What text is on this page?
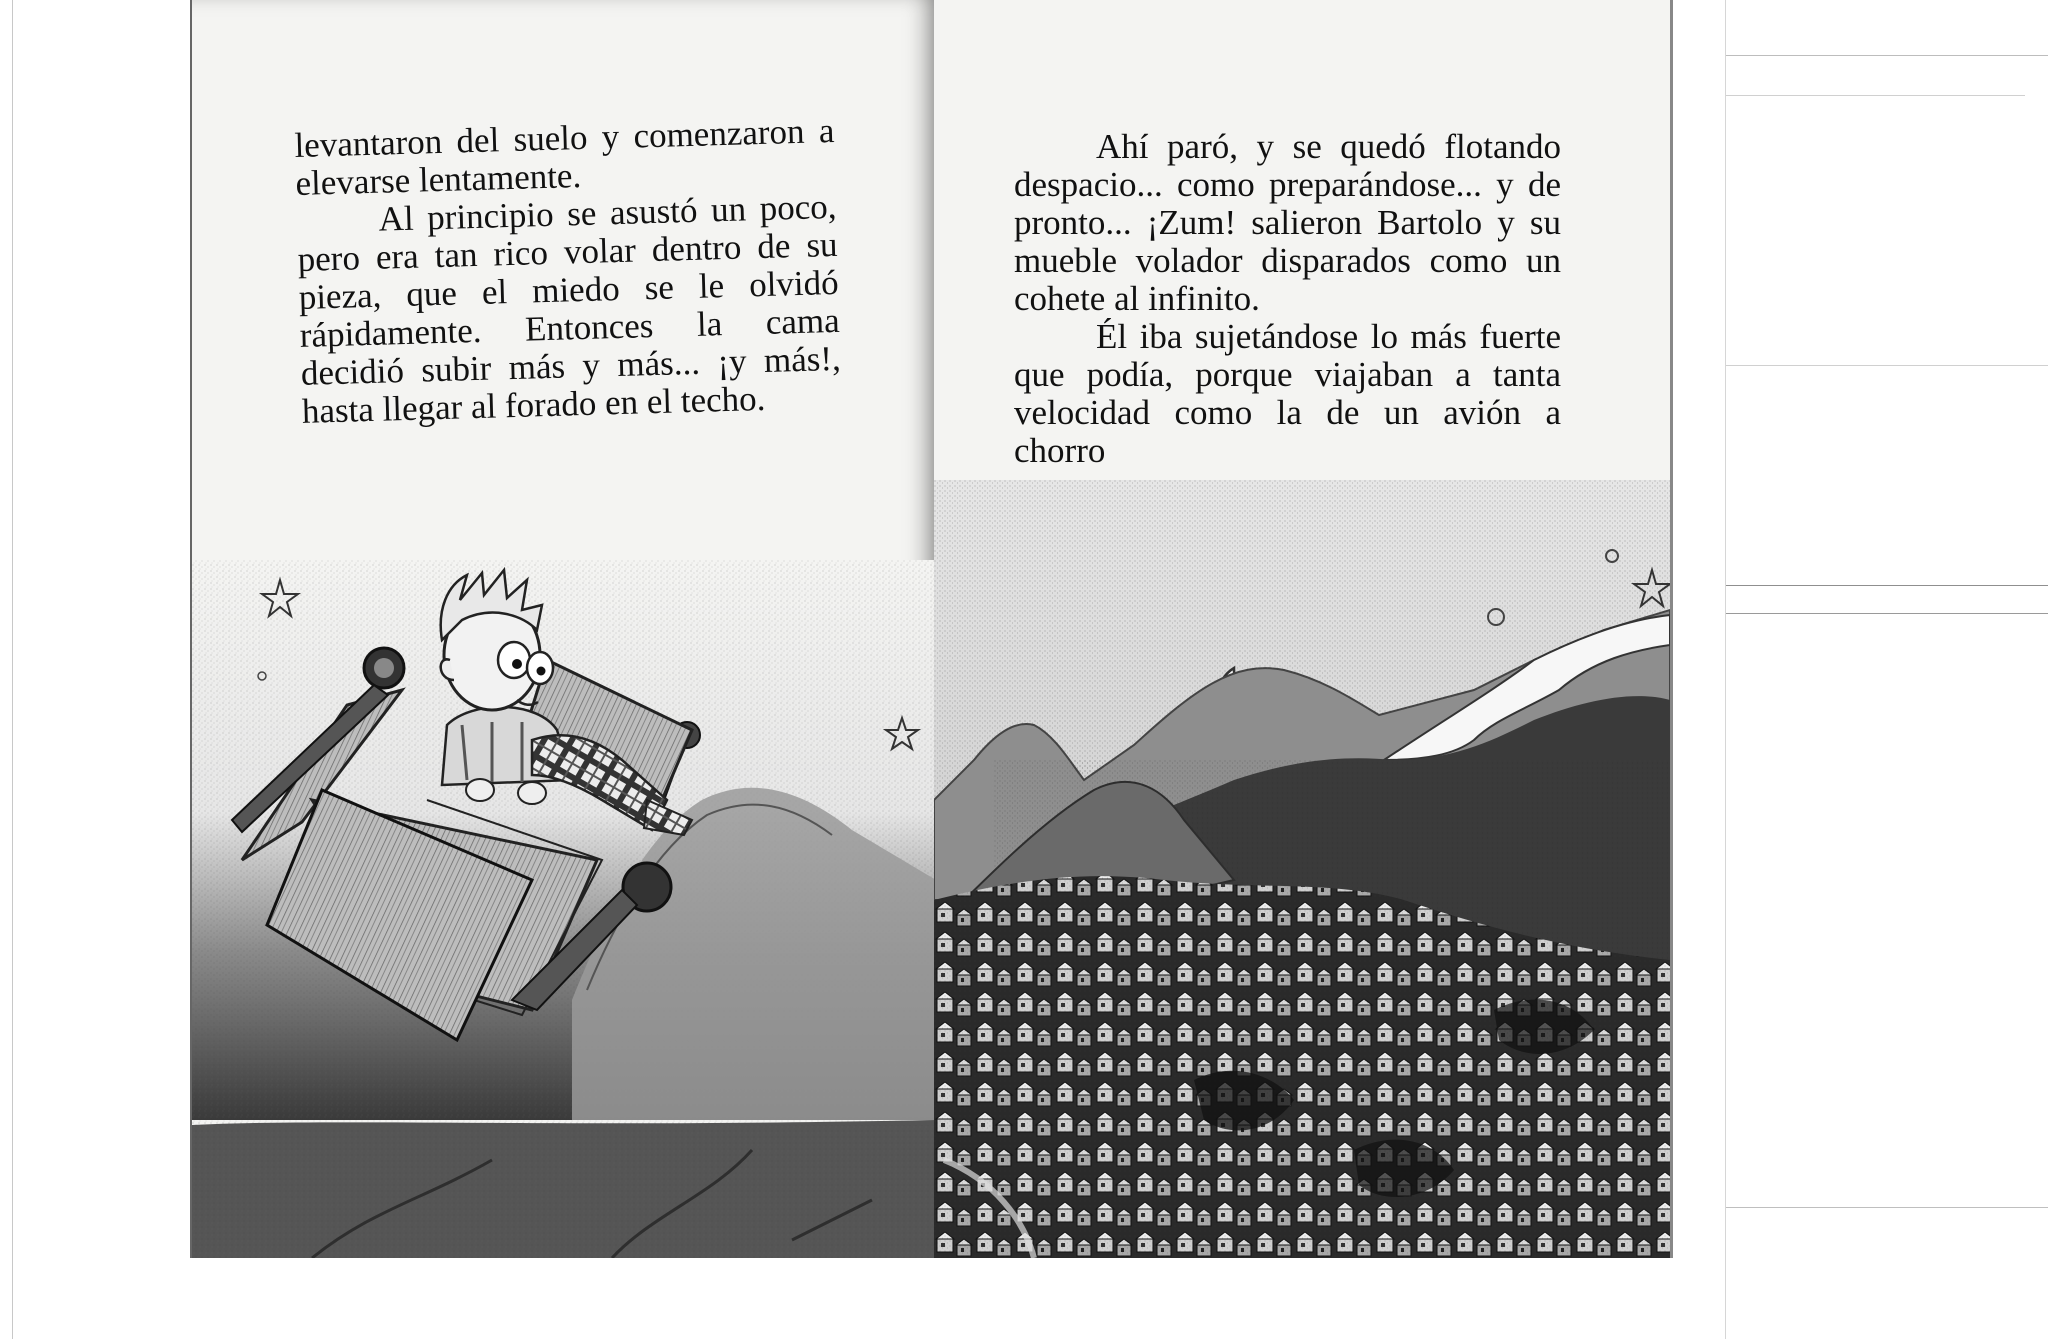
levantaron del suelo y comenzaron a elevarse lentamente.

Al principio se asustó un poco, pero era tan rico volar dentro de su pieza, que el miedo se le olvidó rápidamente. Entonces la cama decidió subir más y más... ¡y más!, hasta llegar al forado en el techo.

Ahí paró, y se quedó flotando despacio... como preparándose... y de pronto... ¡Zum! salieron Bartolo y su mueble volador disparados como un cohete al infinito.

Él iba sujetándose lo más fuerte que podía, porque viajaban a tanta velocidad como la de un avión a chorro
